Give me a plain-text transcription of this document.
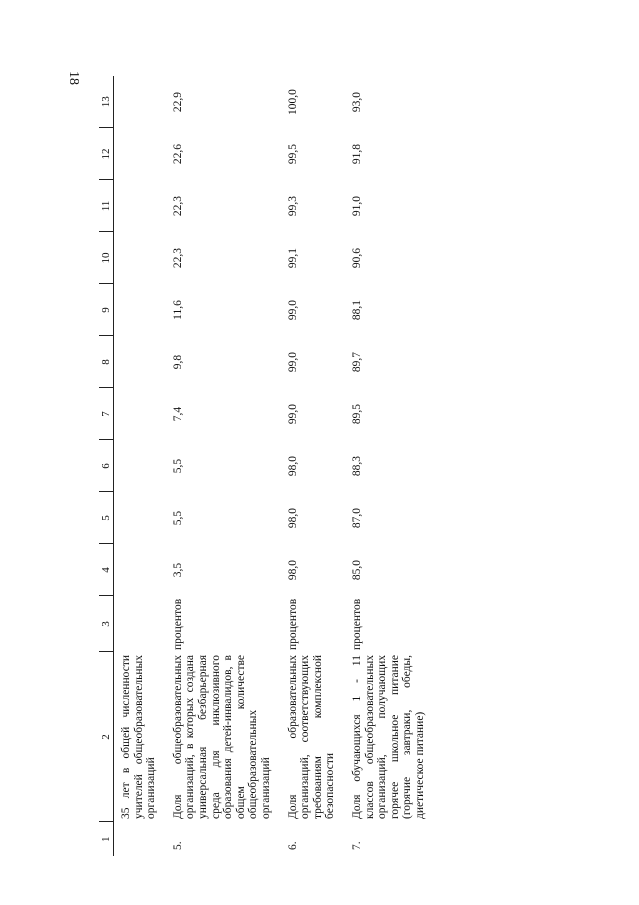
18
1	2	3	4	5	6	7	8	9	10	11	12	13
	35 лет в общей численности учителей общеобразовательных организаций											
5.	Доля общеобразовательных организаций, в которых создана универсальная безбарьерная среда для инклюзивного образования детей-инвалидов, в общем количестве общеобразовательных организаций	процентов	3,5	5,5	5,5	7,4	9,8	11,6	22,3	22,3	22,6	22,9
6.	Доля образовательных организаций, соответствующих требованиям комплексной безопасности	процентов	98,0	98,0	98,0	99,0	99,0	99,0	99,1	99,3	99,5	100,0
7.	Доля обучающихся 1 - 11 классов общеобразовательных организаций, получающих горячее школьное питание (горячие завтраки, обеды, диетическое питание)	процентов	85,0	87,0	88,3	89,5	89,7	88,1	90,6	91,0	91,8	93,0
